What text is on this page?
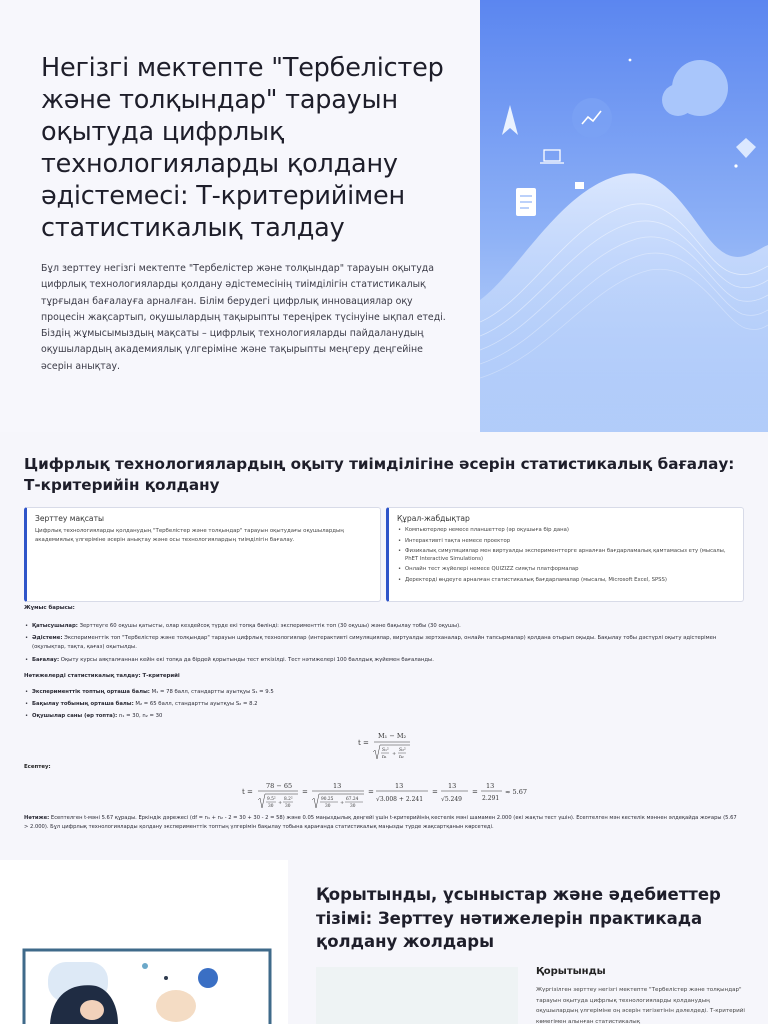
Негізгі мектепте "Тербелістер және толқындар" тарауын оқытуда цифрлық технологияларды қолдану әдістемесі: Т-критерийімен статистикалық талдау

Бұл зерттеу негізгі мектепте "Тербелістер және толқындар" тарауын оқытуда цифрлық технологияларды қолдану әдістемесінің тиімділігін статистикалық тұрғыдан бағалауға арналған. Білім берудегі цифрлық инновациялар оқу процесін жақсартып, оқушылардың тақырыпты тереңірек түсінуіне ықпал етеді. Біздің жұмысымыздың мақсаты – цифрлық технологияларды пайдаланудың оқушылардың академиялық үлгеріміне және тақырыпты меңгеру деңгейіне әсерін анықтау.

Цифрлық технологиялардың оқыту тиімділігіне әсерін статистикалық бағалау: Т-критерийін қолдану
Зерттеу мақсаты
Цифрлық технологияларды қолданудың "Тербелістер және толқындар" тарауын оқытудағы оқушылардың академиялық үлгеріміне әсерін анықтау және осы технологиялардың тиімділігін бағалау.
Құрал-жабдықтар
• Компьютерлер немесе планшеттер (әр оқушыға бір дана)
• Интерактивті тақта немесе проектор
• Физикалық симуляциялар мен виртуалды эксперименттерге арналған бағдарламалық қамтамасыз ету (мысалы, PhET Interactive Simulations)
• Онлайн тест жүйелері немесе QUIZIZZ сияқты платформалар
• Деректерді өңдеуге арналған статистикалық бағдарламалар (мысалы, Microsoft Excel, SPSS)
Жұмыс барысы:
• Қатысушылар: Зерттеуге 60 оқушы қатысты, олар кездейсоқ түрде екі топқа бөлінді: эксперименттік топ (30 оқушы) және бақылау тобы (30 оқушы).
• Әдістеме: Эксперименттік топ "Тербелістер және толқындар" тарауын цифрлық технологиялар (интерактивті симуляциялар, виртуалды зертханалар, онлайн тапсырмалар) қолдана отырып оқыды. Бақылау тобы дәстүрлі оқыту әдістерімен (оқулықтар, тақта, қағаз) оқытылды.
• Бағалау: Оқыту курсы аяқталғаннан кейін екі топқа да бірдей қорытынды тест өткізілді. Тест нәтижелері 100 баллдық жүйемен бағаланды.
Нәтижелерді статистикалық талдау: Т-критерийі
• Эксперименттік топтың орташа балы: M₁ = 78 балл, стандартты ауытқуы S₁ = 9.5
• Бақылау тобының орташа балы: M₂ = 65 балл, стандартты ауытқуы S₂ = 8.2
• Оқушылар саны (әр топта): n₁ = 30, n₂ = 30
t =
M₁ − M₂
S₁²
n₁
+
S₂²
n₂
Есептеу:
t =
78 − 65
9.5²
30
+
8.2²
30
=
13
90.25
30
+
67.24
30
=
13
√3.008 + 2.241
=
13
√5.249
=
13
2.291
≈ 5.67

Нәтиже: Есептелген t-мәні 5.67 құрады. Еркіндік дәрежесі (df = n₁ + n₂ - 2 = 30 + 30 - 2 = 58) және 0.05 маңыздылық деңгейі үшін t-критерийінің кестелік мәні шамамен 2.000 (екі жақты тест үшін). Есептелген мән кестелік мәннен әлдеқайда жоғары (5.67 > 2.000). Бұл цифрлық технологияларды қолдану эксперименттік топтың үлгерімін бақылау тобына қарағанда статистикалық маңызды түрде жақсартқанын көрсетеді.

Қорытынды, ұсыныстар және әдебиеттер тізімі: Зерттеу нәтижелерін практикада қолдану жолдары
Қорытынды

Жүргізілген зерттеу негізгі мектепте "Тербелістер және толқындар" тарауын оқытуда цифрлық технологияларды қолданудың оқушылардың үлгеріміне оң әсерін тигізетінін дәлелдеді. Т-критерийі көмегімен алынған статистикалық
